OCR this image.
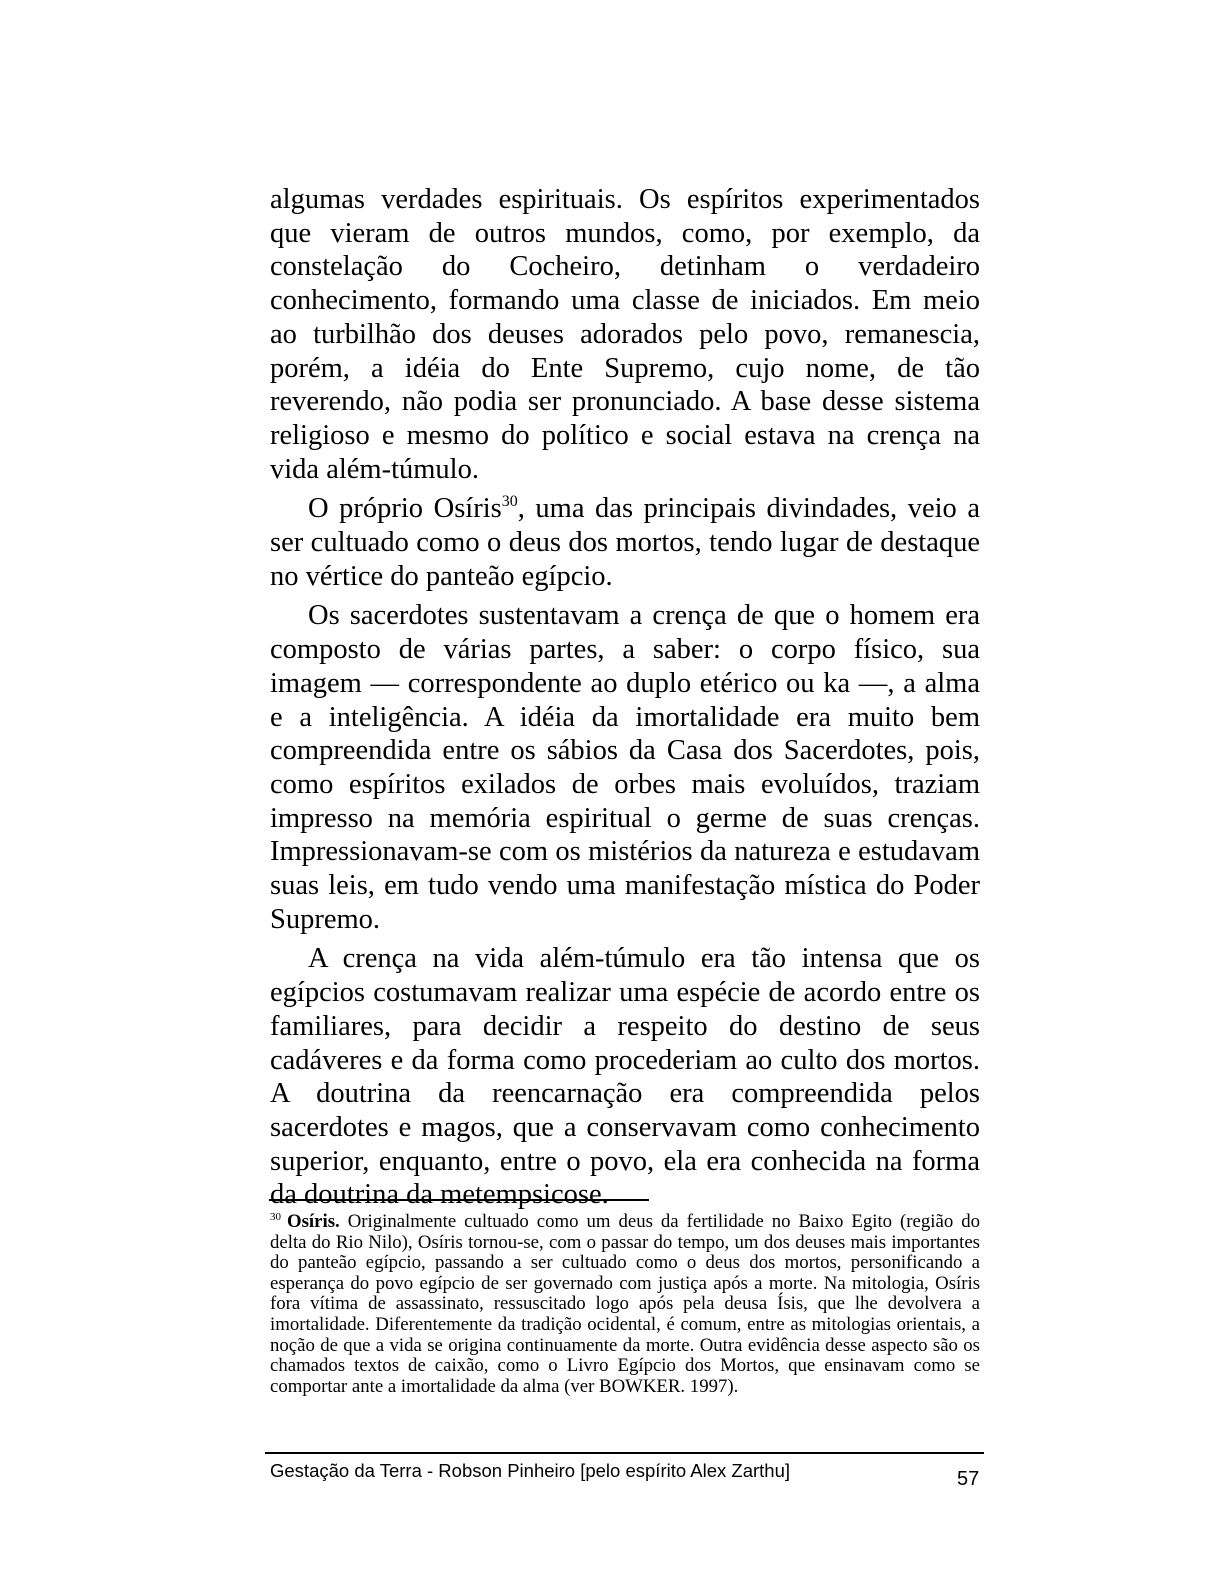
algumas verdades espirituais. Os espíritos experimentados que vieram de outros mundos, como, por exemplo, da constelação do Cocheiro, detinham o verdadeiro conhecimento, formando uma classe de iniciados. Em meio ao turbilhão dos deuses adorados pelo povo, remanescia, porém, a idéia do Ente Supremo, cujo nome, de tão reverendo, não podia ser pronunciado. A base desse sistema religioso e mesmo do político e social estava na crença na vida além-túmulo.

O próprio Osíris$^{30}$, uma das principais divindades, veio a ser cultuado como o deus dos mortos, tendo lugar de destaque no vértice do panteão egípcio.

Os sacerdotes sustentavam a crença de que o homem era composto de várias partes, a saber: o corpo físico, sua imagem — correspondente ao duplo etérico ou ka —, a alma e a inteligência. A idéia da imortalidade era muito bem compreendida entre os sábios da Casa dos Sacerdotes, pois, como espíritos exilados de orbes mais evoluídos, traziam impresso na memória espiritual o germe de suas crenças. Impressionavam-se com os mistérios da natureza e estudavam suas leis, em tudo vendo uma manifestação mística do Poder Supremo.

A crença na vida além-túmulo era tão intensa que os egípcios costumavam realizar uma espécie de acordo entre os familiares, para decidir a respeito do destino de seus cadáveres e da forma como procederiam ao culto dos mortos. A doutrina da reencarnação era compreendida pelos sacerdotes e magos, que a conservavam como conhecimento superior, enquanto, entre o povo, ela era conhecida na forma da doutrina da metempsicose.

$^{30}$ Osíris. Originalmente cultuado como um deus da fertilidade no Baixo Egito (região do delta do Rio Nilo), Osíris tornou-se, com o passar do tempo, um dos deuses mais importantes do panteão egípcio, passando a ser cultuado como o deus dos mortos, personificando a esperança do povo egípcio de ser governado com justiça após a morte. Na mitologia, Osíris fora vítima de assassinato, ressuscitado logo após pela deusa Ísis, que lhe devolvera a imortalidade. Diferentemente da tradição ocidental, é comum, entre as mitologias orientais, a noção de que a vida se origina continuamente da morte. Outra evidência desse aspecto são os chamados textos de caixão, como o Livro Egípcio dos Mortos, que ensinavam como se comportar ante a imortalidade da alma (ver BOWKER. 1997).
Gestação da Terra - Robson Pinheiro [pelo espírito Alex Zarthu]	57
